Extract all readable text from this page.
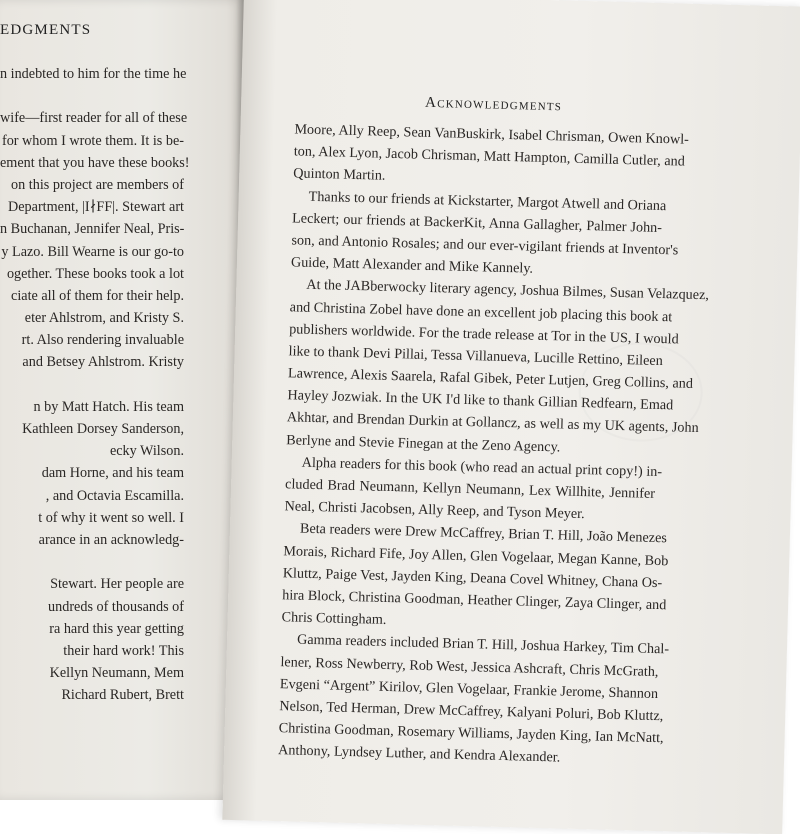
EDGMENTS
n indebted to him for the time he

wife—first reader for all of these
for whom I wrote them. It is be-
ement that you have these books!
on this project are members of
Department, |I∤FF|. Stewart art
n Buchanan, Jennifer Neal, Pris-
y Lazo. Bill Wearne is our go-to
ogether. These books took a lot
ciate all of them for their help.
eter Ahlstrom, and Kristy S.
rt. Also rendering invaluable
and Betsey Ahlstrom. Kristy

n by Matt Hatch. His team
Kathleen Dorsey Sanderson,
ecky Wilson.
dam Horne, and his team
, and Octavia Escamilla.
t of why it went so well. I
arance in an acknowledg-

Stewart. Her people are
undreds of thousands of
ra hard this year getting
their hard work! This
Kellyn Neumann, Mem
Richard Rubert, Brett
Acknowledgments
Moore, Ally Reep, Sean VanBuskirk, Isabel Chrisman, Owen Knowl-
ton, Alex Lyon, Jacob Chrisman, Matt Hampton, Camilla Cutler, and
Quinton Martin.
Thanks to our friends at Kickstarter, Margot Atwell and Oriana
Leckert; our friends at BackerKit, Anna Gallagher, Palmer John-
son, and Antonio Rosales; and our ever-vigilant friends at Inventor's
Guide, Matt Alexander and Mike Kannely.
At the JABberwocky literary agency, Joshua Bilmes, Susan Velazquez,
and Christina Zobel have done an excellent job placing this book at
publishers worldwide. For the trade release at Tor in the US, I would
like to thank Devi Pillai, Tessa Villanueva, Lucille Rettino, Eileen
Lawrence, Alexis Saarela, Rafal Gibek, Peter Lutjen, Greg Collins, and
Hayley Jozwiak. In the UK I'd like to thank Gillian Redfearn, Emad
Akhtar, and Brendan Durkin at Gollancz, as well as my UK agents, John
Berlyne and Stevie Finegan at the Zeno Agency.
Alpha readers for this book (who read an actual print copy!) in-
cluded Brad Neumann, Kellyn Neumann, Lex Willhite, Jennifer
Neal, Christi Jacobsen, Ally Reep, and Tyson Meyer.
Beta readers were Drew McCaffrey, Brian T. Hill, João Menezes
Morais, Richard Fife, Joy Allen, Glen Vogelaar, Megan Kanne, Bob
Kluttz, Paige Vest, Jayden King, Deana Covel Whitney, Chana Os-
hira Block, Christina Goodman, Heather Clinger, Zaya Clinger, and
Chris Cottingham.
Gamma readers included Brian T. Hill, Joshua Harkey, Tim Chal-
lener, Ross Newberry, Rob West, Jessica Ashcraft, Chris McGrath,
Evgeni “Argent” Kirilov, Glen Vogelaar, Frankie Jerome, Shannon
Nelson, Ted Herman, Drew McCaffrey, Kalyani Poluri, Bob Kluttz,
Christina Goodman, Rosemary Williams, Jayden King, Ian McNatt,
Anthony, Lyndsey Luther, and Kendra Alexander.
